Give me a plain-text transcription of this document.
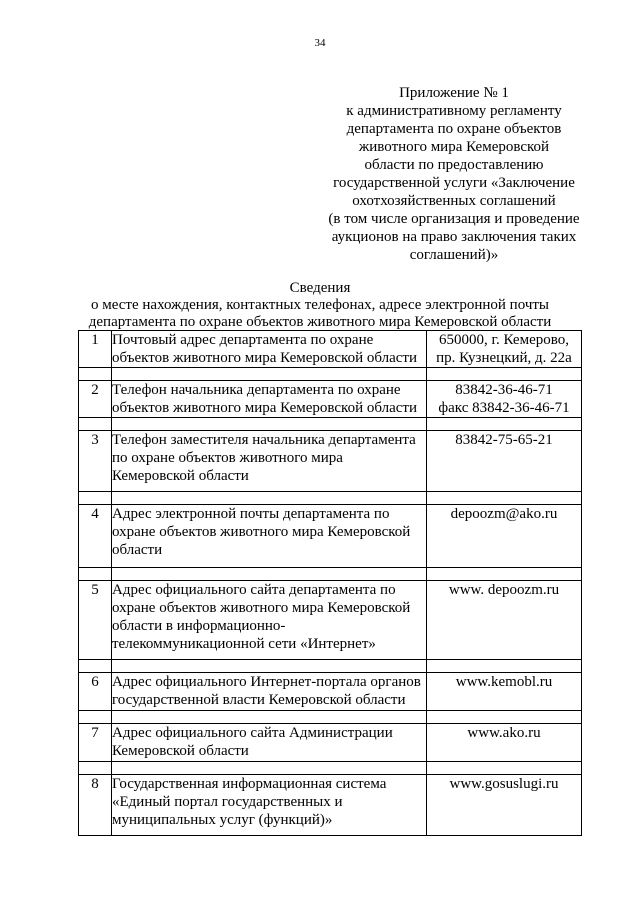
34
Приложение № 1
к административному регламенту
департамента по охране объектов
животного мира Кемеровской
области по предоставлению
государственной услуги «Заключение
охотхозяйственных соглашений
(в том числе организация и проведение
аукционов на право заключения таких
соглашений)»
Сведения
о месте нахождения, контактных телефонах, адресе электронной почты
департамента по охране объектов животного мира Кемеровской области
1	Почтовый адрес департамента по охране объектов животного мира Кемеровской области	650000, г. Кемерово,
пр. Кузнецкий, д. 22а

2	Телефон начальника департамента по охране объектов животного мира Кемеровской области	83842-36-46-71
факс 83842-36-46-71

3	Телефон заместителя начальника департамента по охране объектов животного мира Кемеровской области	83842-75-65-21

4	Адрес электронной почты департамента по охране объектов животного мира Кемеровской области	depoozm@ako.ru

5	Адрес официального сайта департамента по охране объектов животного мира Кемеровской области в информационно-телекоммуникационной сети «Интернет»	www. depoozm.ru

6	Адрес официального Интернет-портала органов государственной власти Кемеровской области	www.kemobl.ru

7	Адрес официального сайта Администрации Кемеровской области	www.ako.ru

8	Государственная информационная система «Единый портал государственных и муниципальных услуг (функций)»	www.gosuslugi.ru
